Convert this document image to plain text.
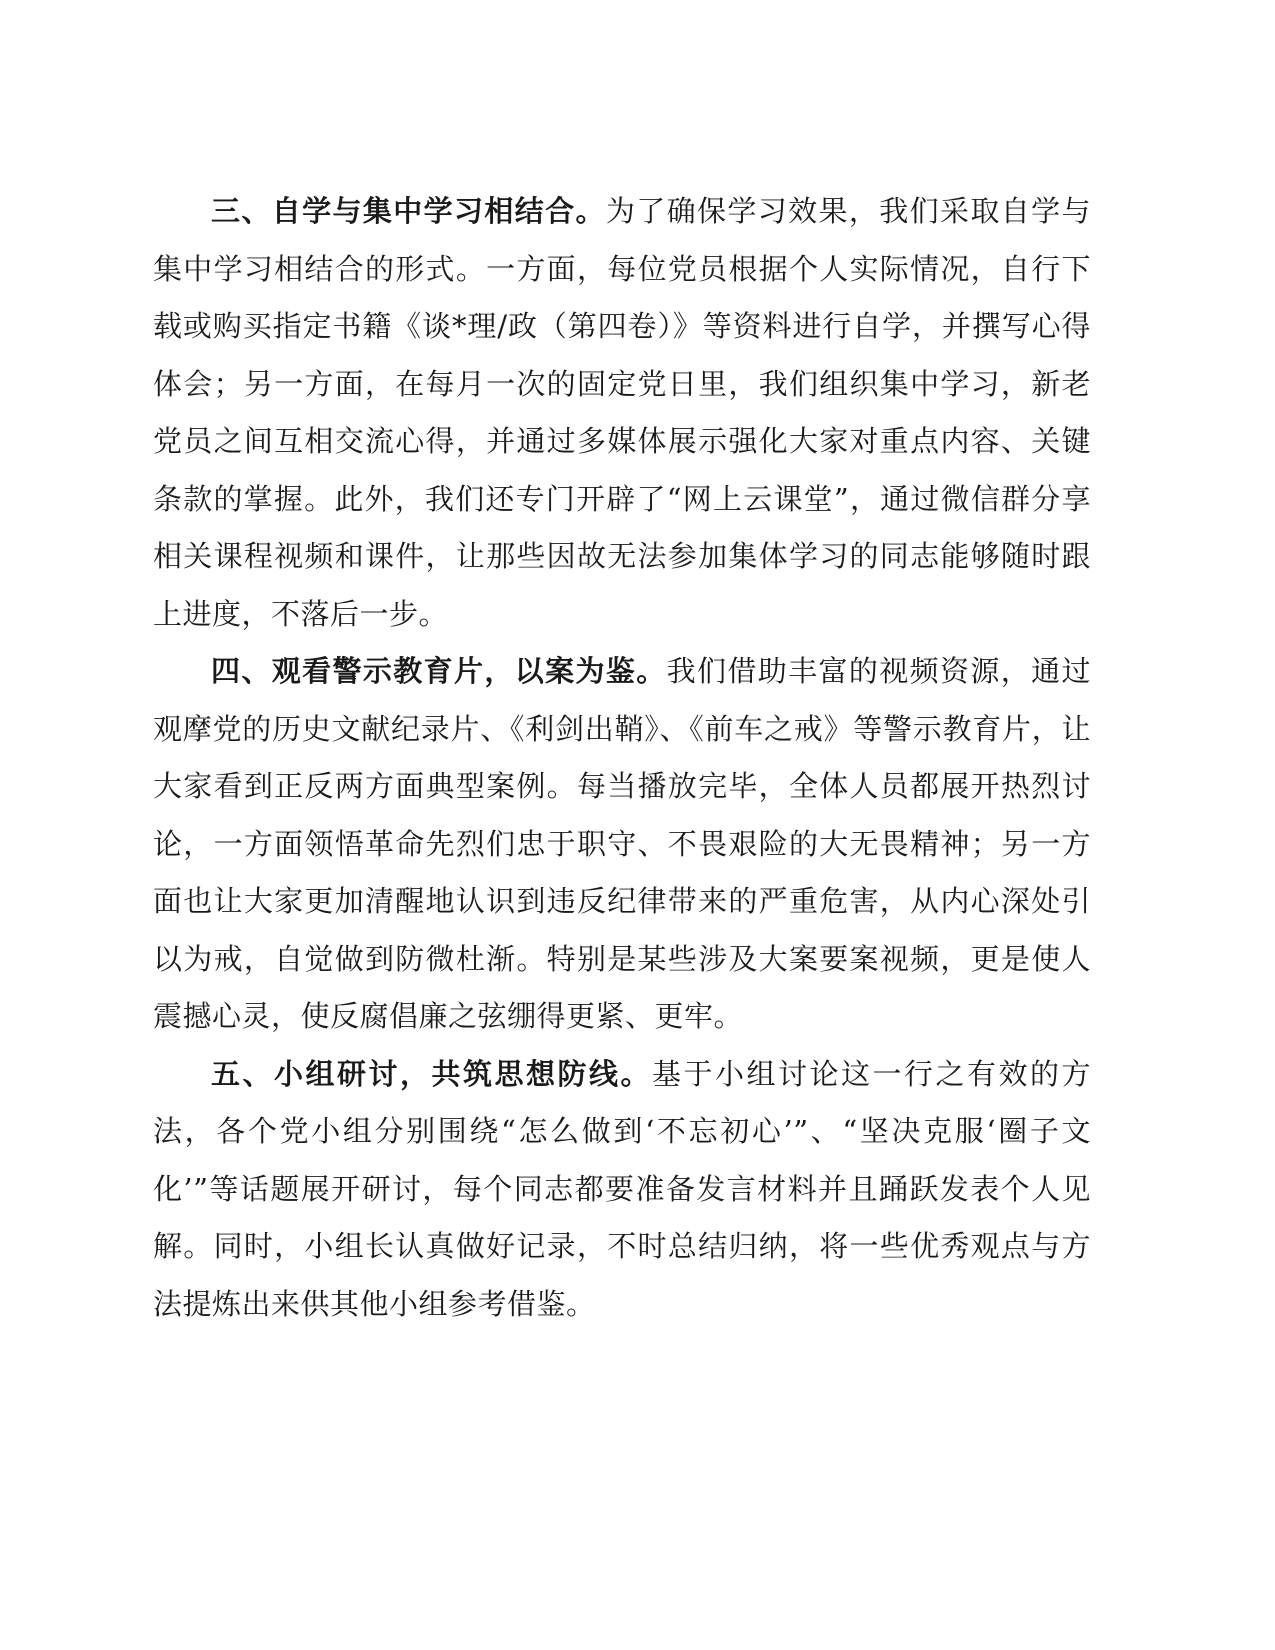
三、自学与集中学习相结合。为了确保学习效果，我们采取自学与集中学习相结合的形式。一方面，每位党员根据个人实际情况，自行下载或购买指定书籍《谈*理/政（第四卷）》等资料进行自学，并撰写心得体会；另一方面，在每月一次的固定党日里，我们组织集中学习，新老党员之间互相交流心得，并通过多媒体展示强化大家对重点内容、关键条款的掌握。此外，我们还专门开辟了“网上云课堂”，通过微信群分享相关课程视频和课件，让那些因故无法参加集体学习的同志能够随时跟上进度，不落后一步。

四、观看警示教育片，以案为鉴。我们借助丰富的视频资源，通过观摩党的历史文献纪录片、《利剑出鞘》、《前车之戒》等警示教育片，让大家看到正反两方面典型案例。每当播放完毕，全体人员都展开热烈讨论，一方面领悟革命先烈们忠于职守、不畏艰险的大无畏精神；另一方面也让大家更加清醒地认识到违反纪律带来的严重危害，从内心深处引以为戒，自觉做到防微杜渐。特别是某些涉及大案要案视频，更是使人震撼心灵，使反腐倡廉之弦绷得更紧、更牢。

五、小组研讨，共筑思想防线。基于小组讨论这一行之有效的方法，各个党小组分别围绕“怎么做到‘不忘初心’”、“坚决克服‘圈子文化’”等话题展开研讨，每个同志都要准备发言材料并且踊跃发表个人见解。同时，小组长认真做好记录，不时总结归纳，将一些优秀观点与方法提炼出来供其他小组参考借鉴。
